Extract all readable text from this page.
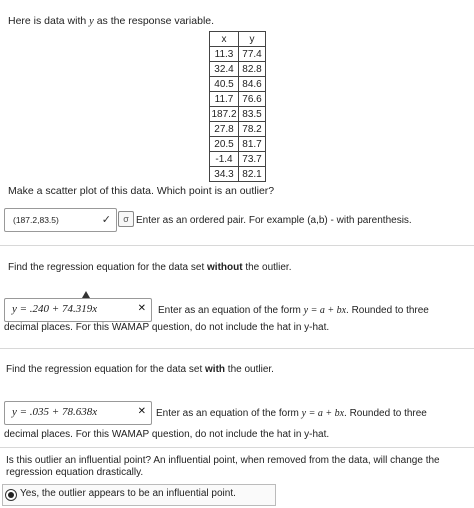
Here is data with y as the response variable.
x	y
11.3	77.4
32.4	82.8
40.5	84.6
11.7	76.6
187.2	83.5
27.8	78.2
20.5	81.7
-1.4	73.7
34.3	82.1
Make a scatter plot of this data. Which point is an outlier?
(187.2,83.5)	✓	σ Enter as an ordered pair. For example (a,b) - with parenthesis.
Find the regression equation for the data set without the outlier.
y = .240 + 74.319x	✕ Enter as an equation of the form y = a + bx. Rounded to three
decimal places. For this WAMAP question, do not include the hat in y-hat.
Find the regression equation for the data set with the outlier.
y = .035 + 78.638x	✕ Enter as an equation of the form y = a + bx. Rounded to three
decimal places. For this WAMAP question, do not include the hat in y-hat.
Is this outlier an influential point? An influential point, when removed from the data, will change the regression equation drastically.
Yes, the outlier appears to be an influential point.
